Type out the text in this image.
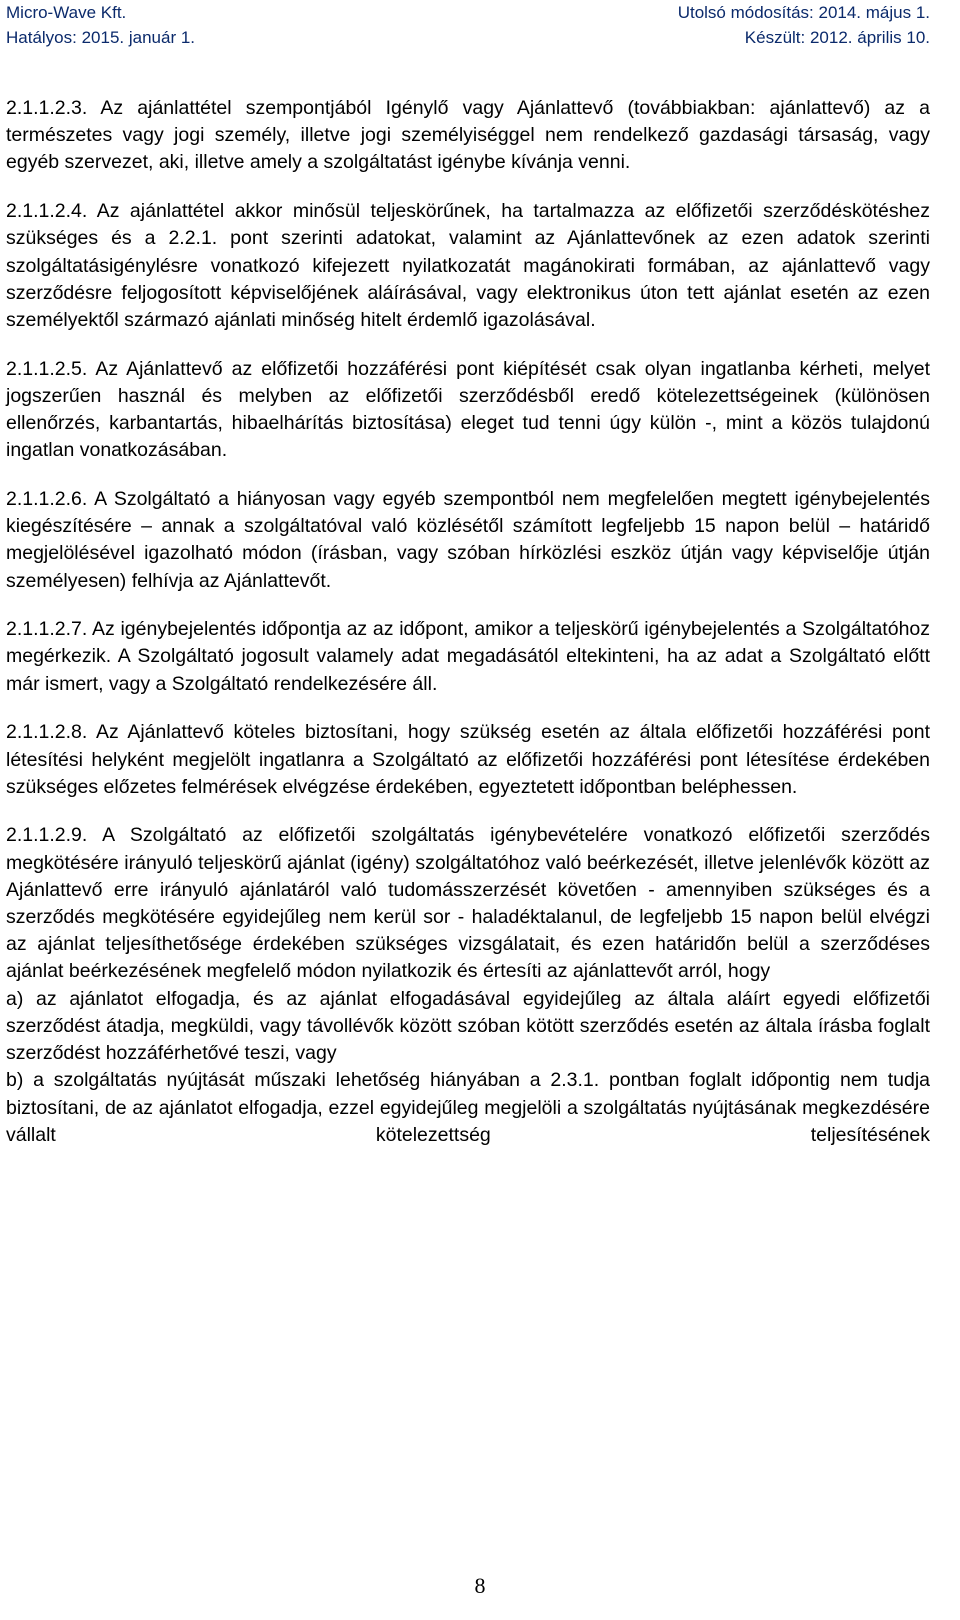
Micro-Wave Kft.	Utolsó módosítás: 2014. május 1.
Hatályos: 2015. január 1.	Készült: 2012. április 10.

2.1.1.2.3. Az ajánlattétel szempontjából Igénylő vagy Ajánlattevő (továbbiakban: ajánlattevő) az a természetes vagy jogi személy, illetve jogi személyiséggel nem rendelkező gazdasági társaság, vagy egyéb szervezet, aki, illetve amely a szolgáltatást igénybe kívánja venni.

2.1.1.2.4. Az ajánlattétel akkor minősül teljeskörűnek, ha tartalmazza az előfizetői szerződéskötéshez szükséges és a 2.2.1. pont szerinti adatokat, valamint az Ajánlattevőnek az ezen adatok szerinti szolgáltatásigénylésre vonatkozó kifejezett nyilatkozatát magánokirati formában, az ajánlattevő vagy szerződésre feljogosított képviselőjének aláírásával, vagy elektronikus úton tett ajánlat esetén az ezen személyektől származó ajánlati minőség hitelt érdemlő igazolásával.

2.1.1.2.5. Az Ajánlattevő az előfizetői hozzáférési pont kiépítését csak olyan ingatlanba kérheti, melyet jogszerűen használ és melyben az előfizetői szerződésből eredő kötelezettségeinek (különösen ellenőrzés, karbantartás, hibaelhárítás biztosítása) eleget tud tenni úgy külön -, mint a közös tulajdonú ingatlan vonatkozásában.

2.1.1.2.6. A Szolgáltató a hiányosan vagy egyéb szempontból nem megfelelően megtett igénybejelentés kiegészítésére – annak a szolgáltatóval való közlésétől számított legfeljebb 15 napon belül – határidő megjelölésével igazolható módon (írásban, vagy szóban hírközlési eszköz útján vagy képviselője útján személyesen) felhívja az Ajánlattevőt.

2.1.1.2.7. Az igénybejelentés időpontja az az időpont, amikor a teljeskörű igénybejelentés a Szolgáltatóhoz megérkezik. A Szolgáltató jogosult valamely adat megadásától eltekinteni, ha az adat a Szolgáltató előtt már ismert, vagy a Szolgáltató rendelkezésére áll.

2.1.1.2.8. Az Ajánlattevő köteles biztosítani, hogy szükség esetén az általa előfizetői hozzáférési pont létesítési helyként megjelölt ingatlanra a Szolgáltató az előfizetői hozzáférési pont létesítése érdekében szükséges előzetes felmérések elvégzése érdekében, egyeztetett időpontban beléphessen.

2.1.1.2.9. A Szolgáltató az előfizetői szolgáltatás igénybevételére vonatkozó előfizetői szerződés megkötésére irányuló teljeskörű ajánlat (igény) szolgáltatóhoz való beérkezését, illetve jelenlévők között az Ajánlattevő erre irányuló ajánlatáról való tudomásszerzését követően - amennyiben szükséges és a szerződés megkötésére egyidejűleg nem kerül sor - haladéktalanul, de legfeljebb 15 napon belül elvégzi az ajánlat teljesíthetősége érdekében szükséges vizsgálatait, és ezen határidőn belül a szerződéses ajánlat beérkezésének megfelelő módon nyilatkozik és értesíti az ajánlattevőt arról, hogy

a) az ajánlatot elfogadja, és az ajánlat elfogadásával egyidejűleg az általa aláírt egyedi előfizetői szerződést átadja, megküldi, vagy távollévők között szóban kötött szerződés esetén az általa írásba foglalt szerződést hozzáférhetővé teszi, vagy

b) a szolgáltatás nyújtását műszaki lehetőség hiányában a 2.3.1. pontban foglalt időpontig nem tudja biztosítani, de az ajánlatot elfogadja, ezzel egyidejűleg megjelöli a szolgáltatás nyújtásának megkezdésére vállalt kötelezettség teljesítésének

8
